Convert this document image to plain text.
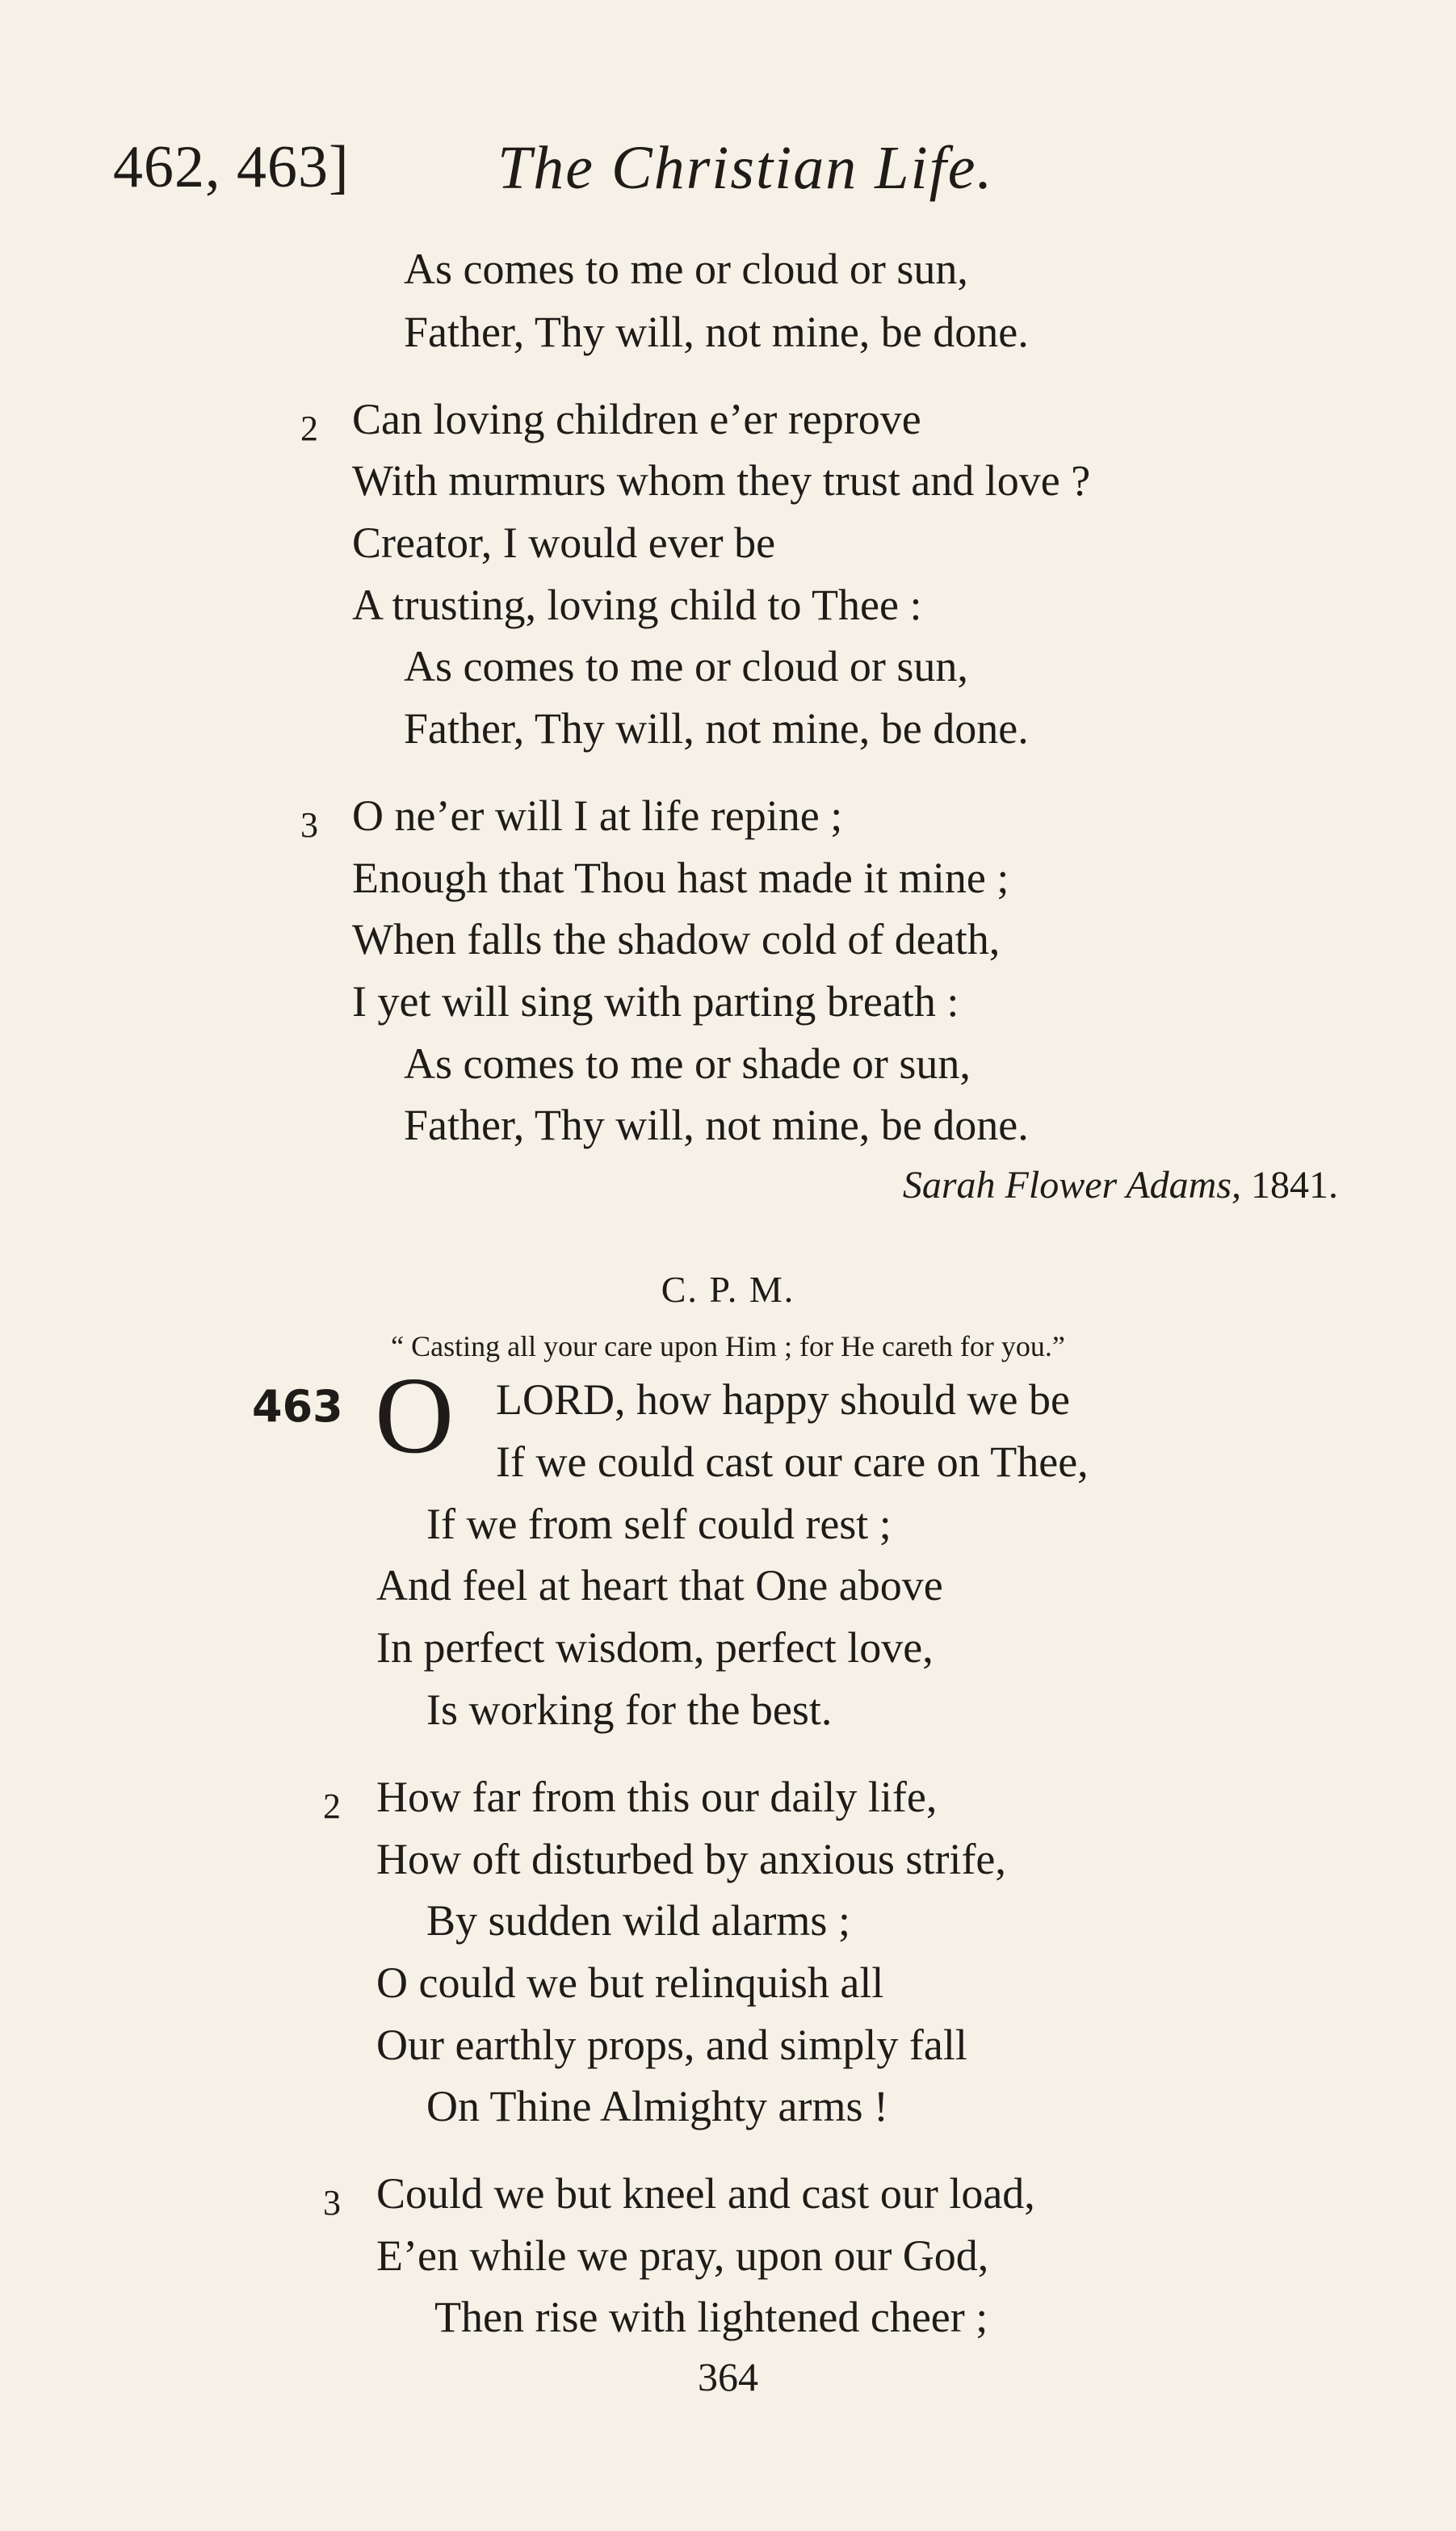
462, 463] The Christian Life.
As comes to me or cloud or sun,
Father, Thy will, not mine, be done.
2 Can loving children e’er reprove
With murmurs whom they trust and love ?
Creator, I would ever be
A trusting, loving child to Thee :
As comes to me or cloud or sun,
Father, Thy will, not mine, be done.
3 O ne’er will I at life repine ;
Enough that Thou hast made it mine ;
When falls the shadow cold of death,
I yet will sing with parting breath :
As comes to me or shade or sun,
Father, Thy will, not mine, be done.
Sarah Flower Adams, 1841.
C. P. M.
“ Casting all your care upon Him ; for He careth for you.”
463 O LORD, how happy should we be
If we could cast our care on Thee,
If we from self could rest ;
And feel at heart that One above
In perfect wisdom, perfect love,
Is working for the best.
2 How far from this our daily life,
How oft disturbed by anxious strife,
By sudden wild alarms ;
O could we but relinquish all
Our earthly props, and simply fall
On Thine Almighty arms !
3 Could we but kneel and cast our load,
E’en while we pray, upon our God,
Then rise with lightened cheer ;
364
